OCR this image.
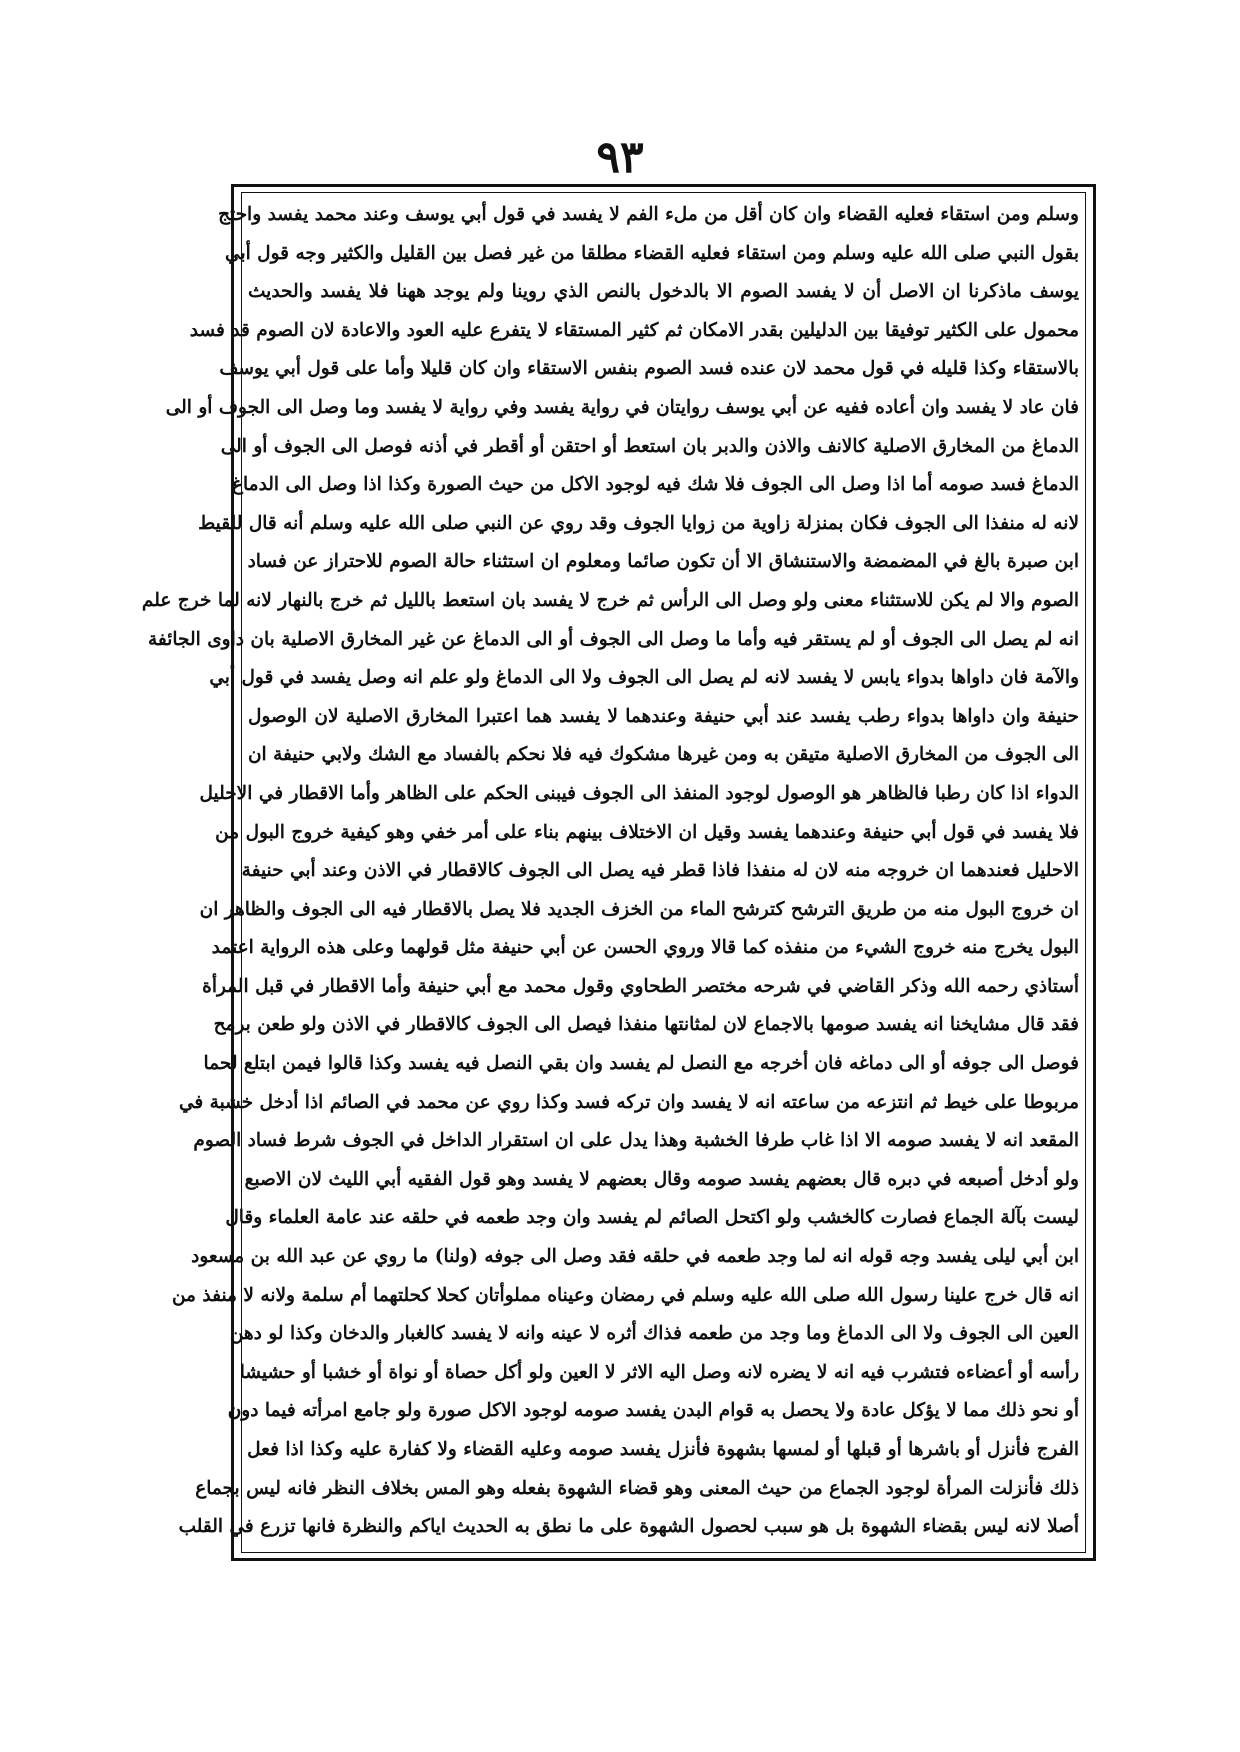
٩٣
وسلم ومن استقاء فعليه القضاء وان كان أقل من ملء الفم لا يفسد في قول أبي يوسف وعند محمد يفسد واحتج
بقول النبي صلى الله عليه وسلم ومن استقاء فعليه القضاء مطلقا من غير فصل بين القليل والكثير وجه قول أبي
يوسف ماذكرنا ان الاصل أن لا يفسد الصوم الا بالدخول بالنص الذي روينا ولم يوجد ههنا فلا يفسد والحديث
محمول على الكثير توفيقا بين الدليلين بقدر الامكان ثم كثير المستقاء لا يتفرع عليه العود والاعادة لان الصوم قد فسد
بالاستقاء وكذا قليله في قول محمد لان عنده فسد الصوم بنفس الاستقاء وان كان قليلا وأما على قول أبي يوسف
فان عاد لا يفسد وان أعاده ففيه عن أبي يوسف روايتان في رواية يفسد وفي رواية لا يفسد وما وصل الى الجوف أو الى
الدماغ من المخارق الاصلية كالانف والاذن والدبر بان استعط أو احتقن أو أقطر في أذنه فوصل الى الجوف أو الى
الدماغ فسد صومه أما اذا وصل الى الجوف فلا شك فيه لوجود الاكل من حيث الصورة وكذا اذا وصل الى الدماغ
لانه له منفذا الى الجوف فكان بمنزلة زاوية من زوايا الجوف وقد روي عن النبي صلى الله عليه وسلم أنه قال للقيط
ابن صبرة بالغ في المضمضة والاستنشاق الا أن تكون صائما ومعلوم ان استثناء حالة الصوم للاحتراز عن فساد
الصوم والا لم يكن للاستثناء معنى ولو وصل الى الرأس ثم خرج لا يفسد بان استعط بالليل ثم خرج بالنهار لانه لما خرج علم
انه لم يصل الى الجوف أو لم يستقر فيه وأما ما وصل الى الجوف أو الى الدماغ عن غير المخارق الاصلية بان داوى الجائفة
والآمة فان داواها بدواء يابس لا يفسد لانه لم يصل الى الجوف ولا الى الدماغ ولو علم انه وصل يفسد في قول أبي
حنيفة وان داواها بدواء رطب يفسد عند أبي حنيفة وعندهما لا يفسد هما اعتبرا المخارق الاصلية لان الوصول
الى الجوف من المخارق الاصلية متيقن به ومن غيرها مشكوك فيه فلا نحكم بالفساد مع الشك ولابي حنيفة ان
الدواء اذا كان رطبا فالظاهر هو الوصول لوجود المنفذ الى الجوف فيبنى الحكم على الظاهر وأما الاقطار في الاحليل
فلا يفسد في قول أبي حنيفة وعندهما يفسد وقيل ان الاختلاف بينهم بناء على أمر خفي وهو كيفية خروج البول من
الاحليل فعندهما ان خروجه منه لان له منفذا فاذا قطر فيه يصل الى الجوف كالاقطار في الاذن وعند أبي حنيفة
ان خروج البول منه من طريق الترشح كترشح الماء من الخزف الجديد فلا يصل بالاقطار فيه الى الجوف والظاهر ان
البول يخرج منه خروج الشيء من منفذه كما قالا وروي الحسن عن أبي حنيفة مثل قولهما وعلى هذه الرواية اعتمد
أستاذي رحمه الله وذكر القاضي في شرحه مختصر الطحاوي وقول محمد مع أبي حنيفة وأما الاقطار في قبل المرأة
فقد قال مشايخنا انه يفسد صومها بالاجماع لان لمثانتها منفذا فيصل الى الجوف كالاقطار في الاذن ولو طعن برمح
فوصل الى جوفه أو الى دماغه فان أخرجه مع النصل لم يفسد وان بقي النصل فيه يفسد وكذا قالوا فيمن ابتلع لحما
مربوطا على خيط ثم انتزعه من ساعته انه لا يفسد وان تركه فسد وكذا روي عن محمد في الصائم اذا أدخل خشبة في
المقعد انه لا يفسد صومه الا اذا غاب طرفا الخشبة وهذا يدل على ان استقرار الداخل في الجوف شرط فساد الصوم
ولو أدخل أصبعه في دبره قال بعضهم يفسد صومه وقال بعضهم لا يفسد وهو قول الفقيه أبي الليث لان الاصبع
ليست بآلة الجماع فصارت كالخشب ولو اكتحل الصائم لم يفسد وان وجد طعمه في حلقه عند عامة العلماء وقال
ابن أبي ليلى يفسد وجه قوله انه لما وجد طعمه في حلقه فقد وصل الى جوفه (ولنا) ما روي عن عبد الله بن مسعود
انه قال خرج علينا رسول الله صلى الله عليه وسلم في رمضان وعيناه مملوأتان كحلا كحلتهما أم سلمة ولانه لا منفذ من
العين الى الجوف ولا الى الدماغ وما وجد من طعمه فذاك أثره لا عينه وانه لا يفسد كالغبار والدخان وكذا لو دهن
رأسه أو أعضاءه فتشرب فيه انه لا يضره لانه وصل اليه الاثر لا العين ولو أكل حصاة أو نواة أو خشبا أو حشيشا
أو نحو ذلك مما لا يؤكل عادة ولا يحصل به قوام البدن يفسد صومه لوجود الاكل صورة ولو جامع امرأته فيما دون
الفرج فأنزل أو باشرها أو قبلها أو لمسها بشهوة فأنزل يفسد صومه وعليه القضاء ولا كفارة عليه وكذا اذا فعل
ذلك فأنزلت المرأة لوجود الجماع من حيث المعنى وهو قضاء الشهوة بفعله وهو المس بخلاف النظر فانه ليس بجماع
أصلا لانه ليس بقضاء الشهوة بل هو سبب لحصول الشهوة على ما نطق به الحديث اياكم والنظرة فانها تزرع في القلب
